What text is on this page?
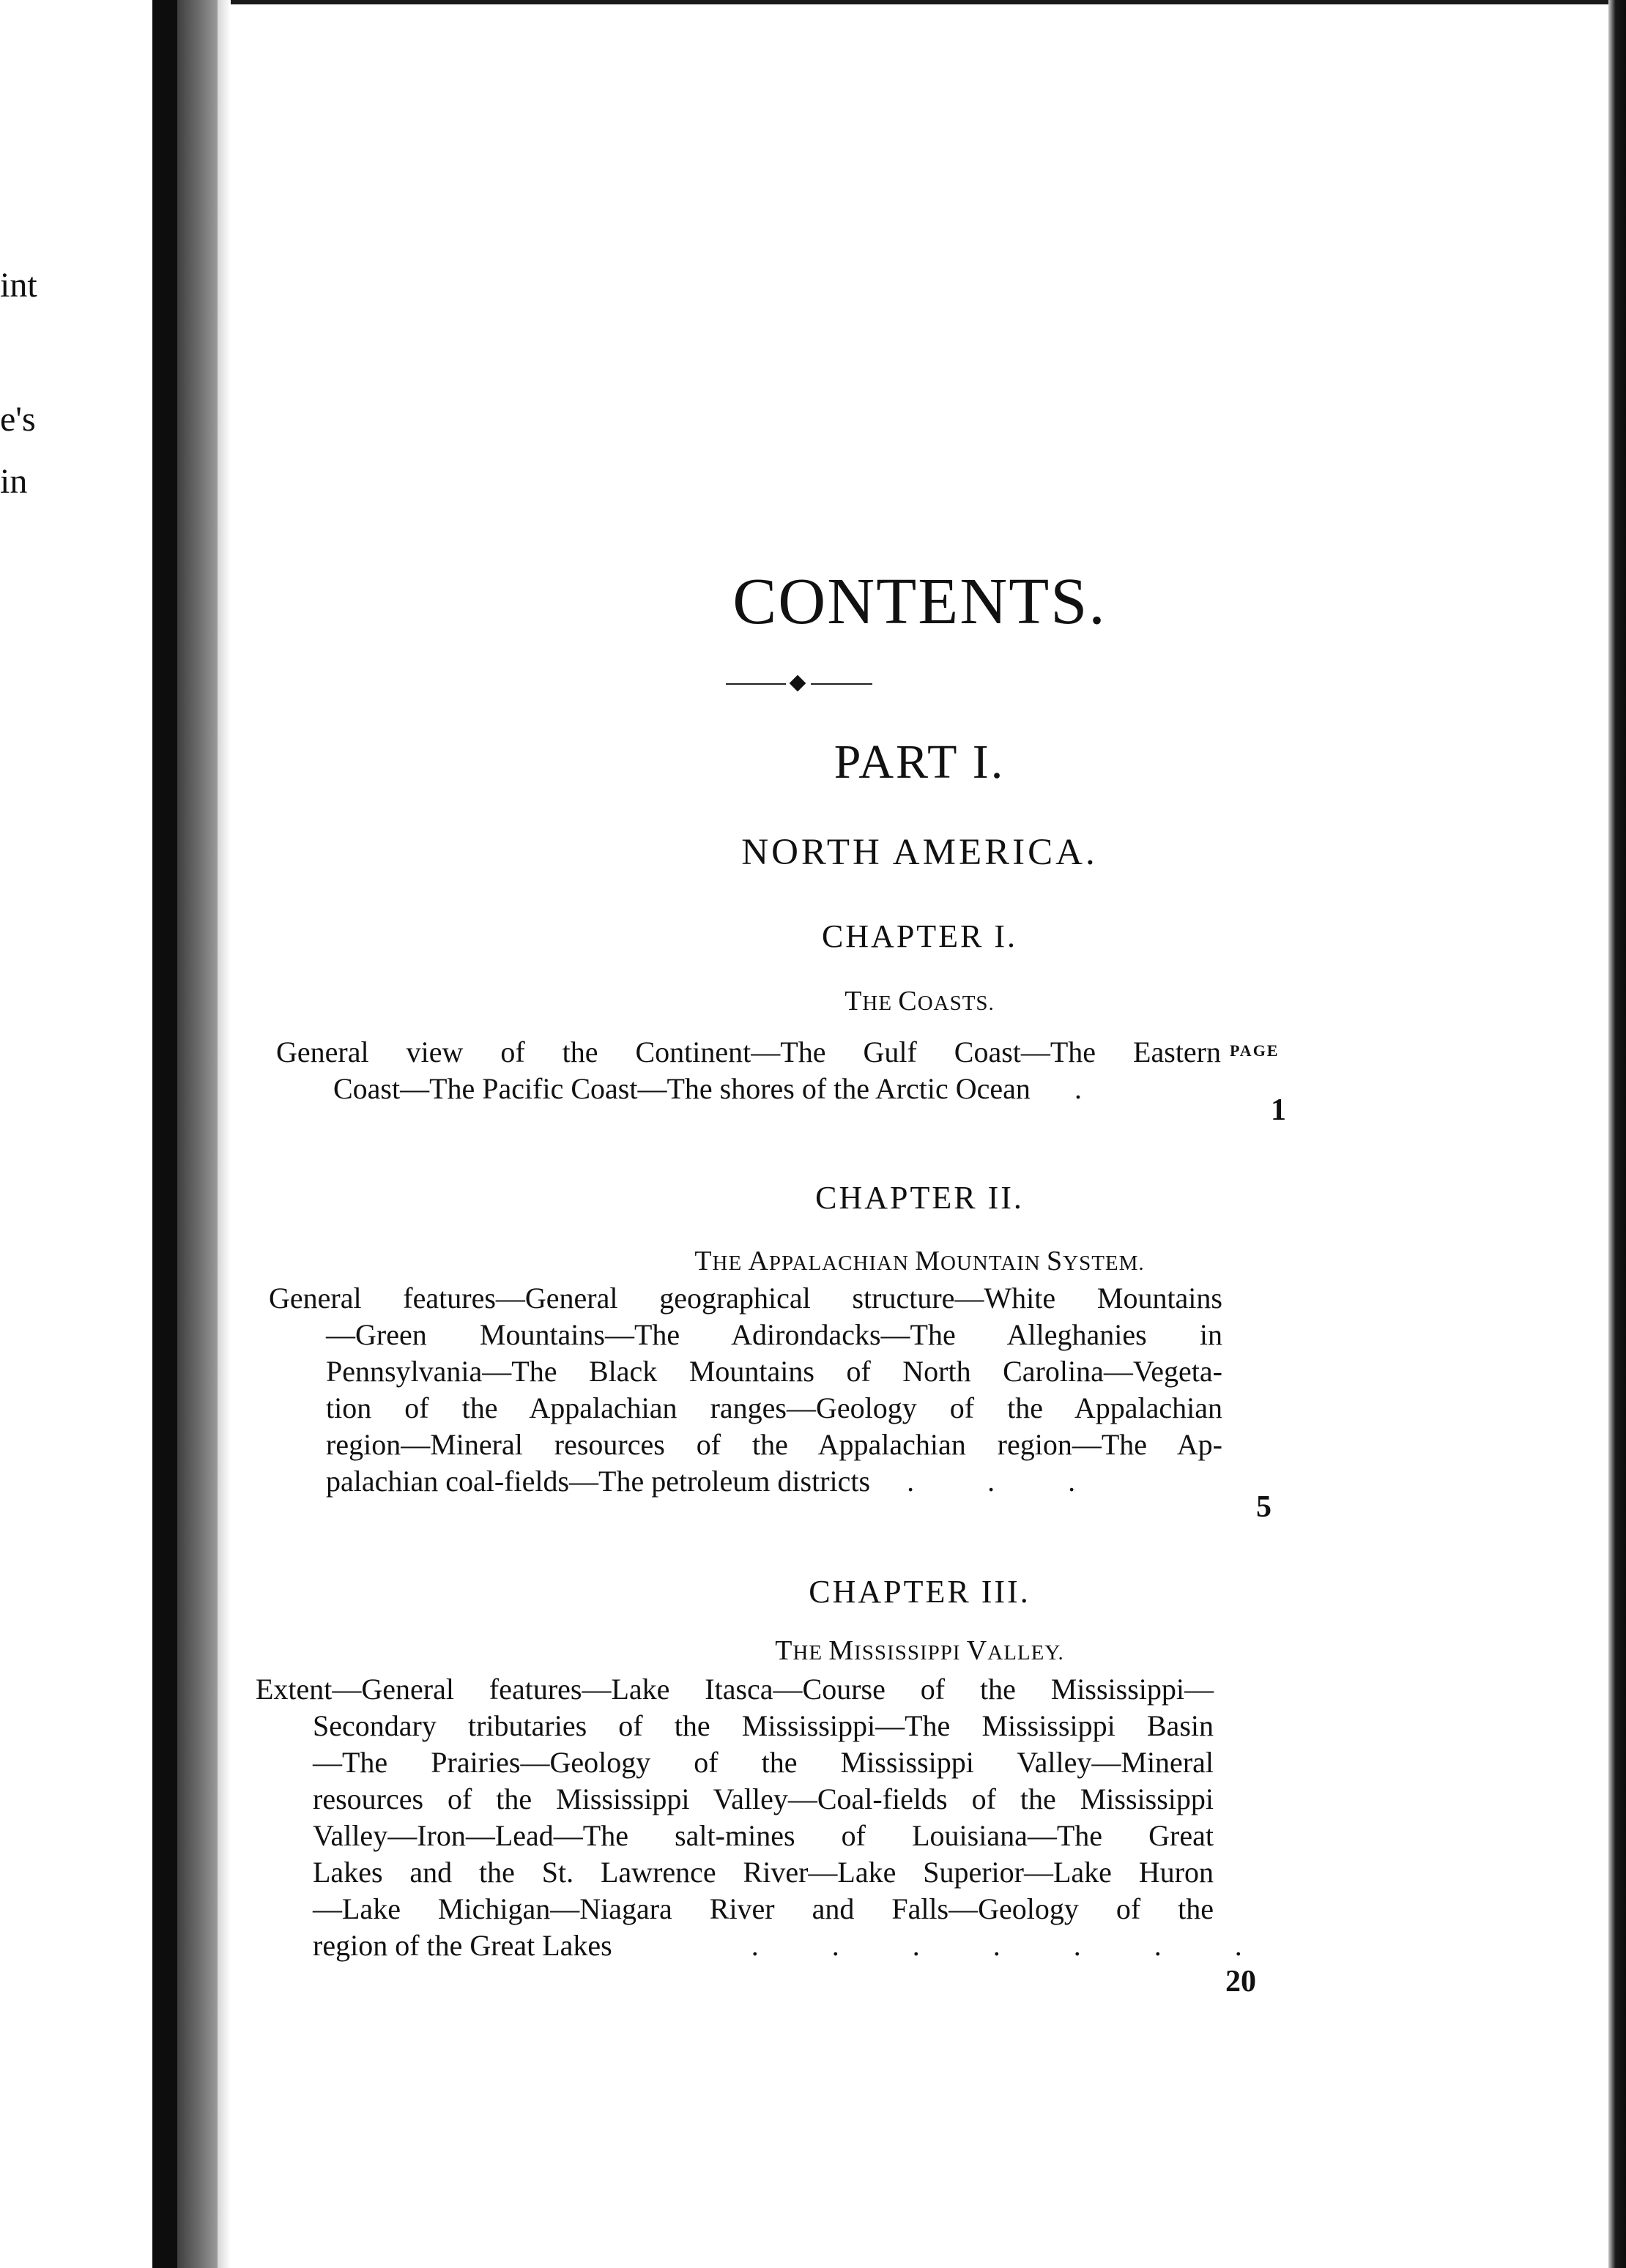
int
e's
in
CONTENTS.
PART I.
NORTH AMERICA.
CHAPTER I.
THE COASTS.
PAGE
General view of the Continent—The Gulf Coast—The Eastern
Coast—The Pacific Coast—The shores of the Arctic Ocean .
1
CHAPTER II.
THE APPALACHIAN MOUNTAIN SYSTEM.
General features—General geographical structure—White Mountains
—Green Mountains—The Adirondacks—The Alleghanies in
Pennsylvania—The Black Mountains of North Carolina—Vegeta-
tion of the Appalachian ranges—Geology of the Appalachian
region—Mineral resources of the Appalachian region—The Ap-
palachian coal-fields—The petroleum districts .          .          .
5
CHAPTER III.
THE MISSISSIPPI VALLEY.
Extent—General features—Lake Itasca—Course of the Mississippi—
Secondary tributaries of the Mississippi—The Mississippi Basin
—The Prairies—Geology of the Mississippi Valley—Mineral
resources of the Mississippi Valley—Coal-fields of the Mississippi
Valley—Iron—Lead—The salt-mines of Louisiana—The Great
Lakes and the St. Lawrence River—Lake Superior—Lake Huron
—Lake Michigan—Niagara River and Falls—Geology of the
region of the Great Lakes	.          .          .          .          .          .          .
20
